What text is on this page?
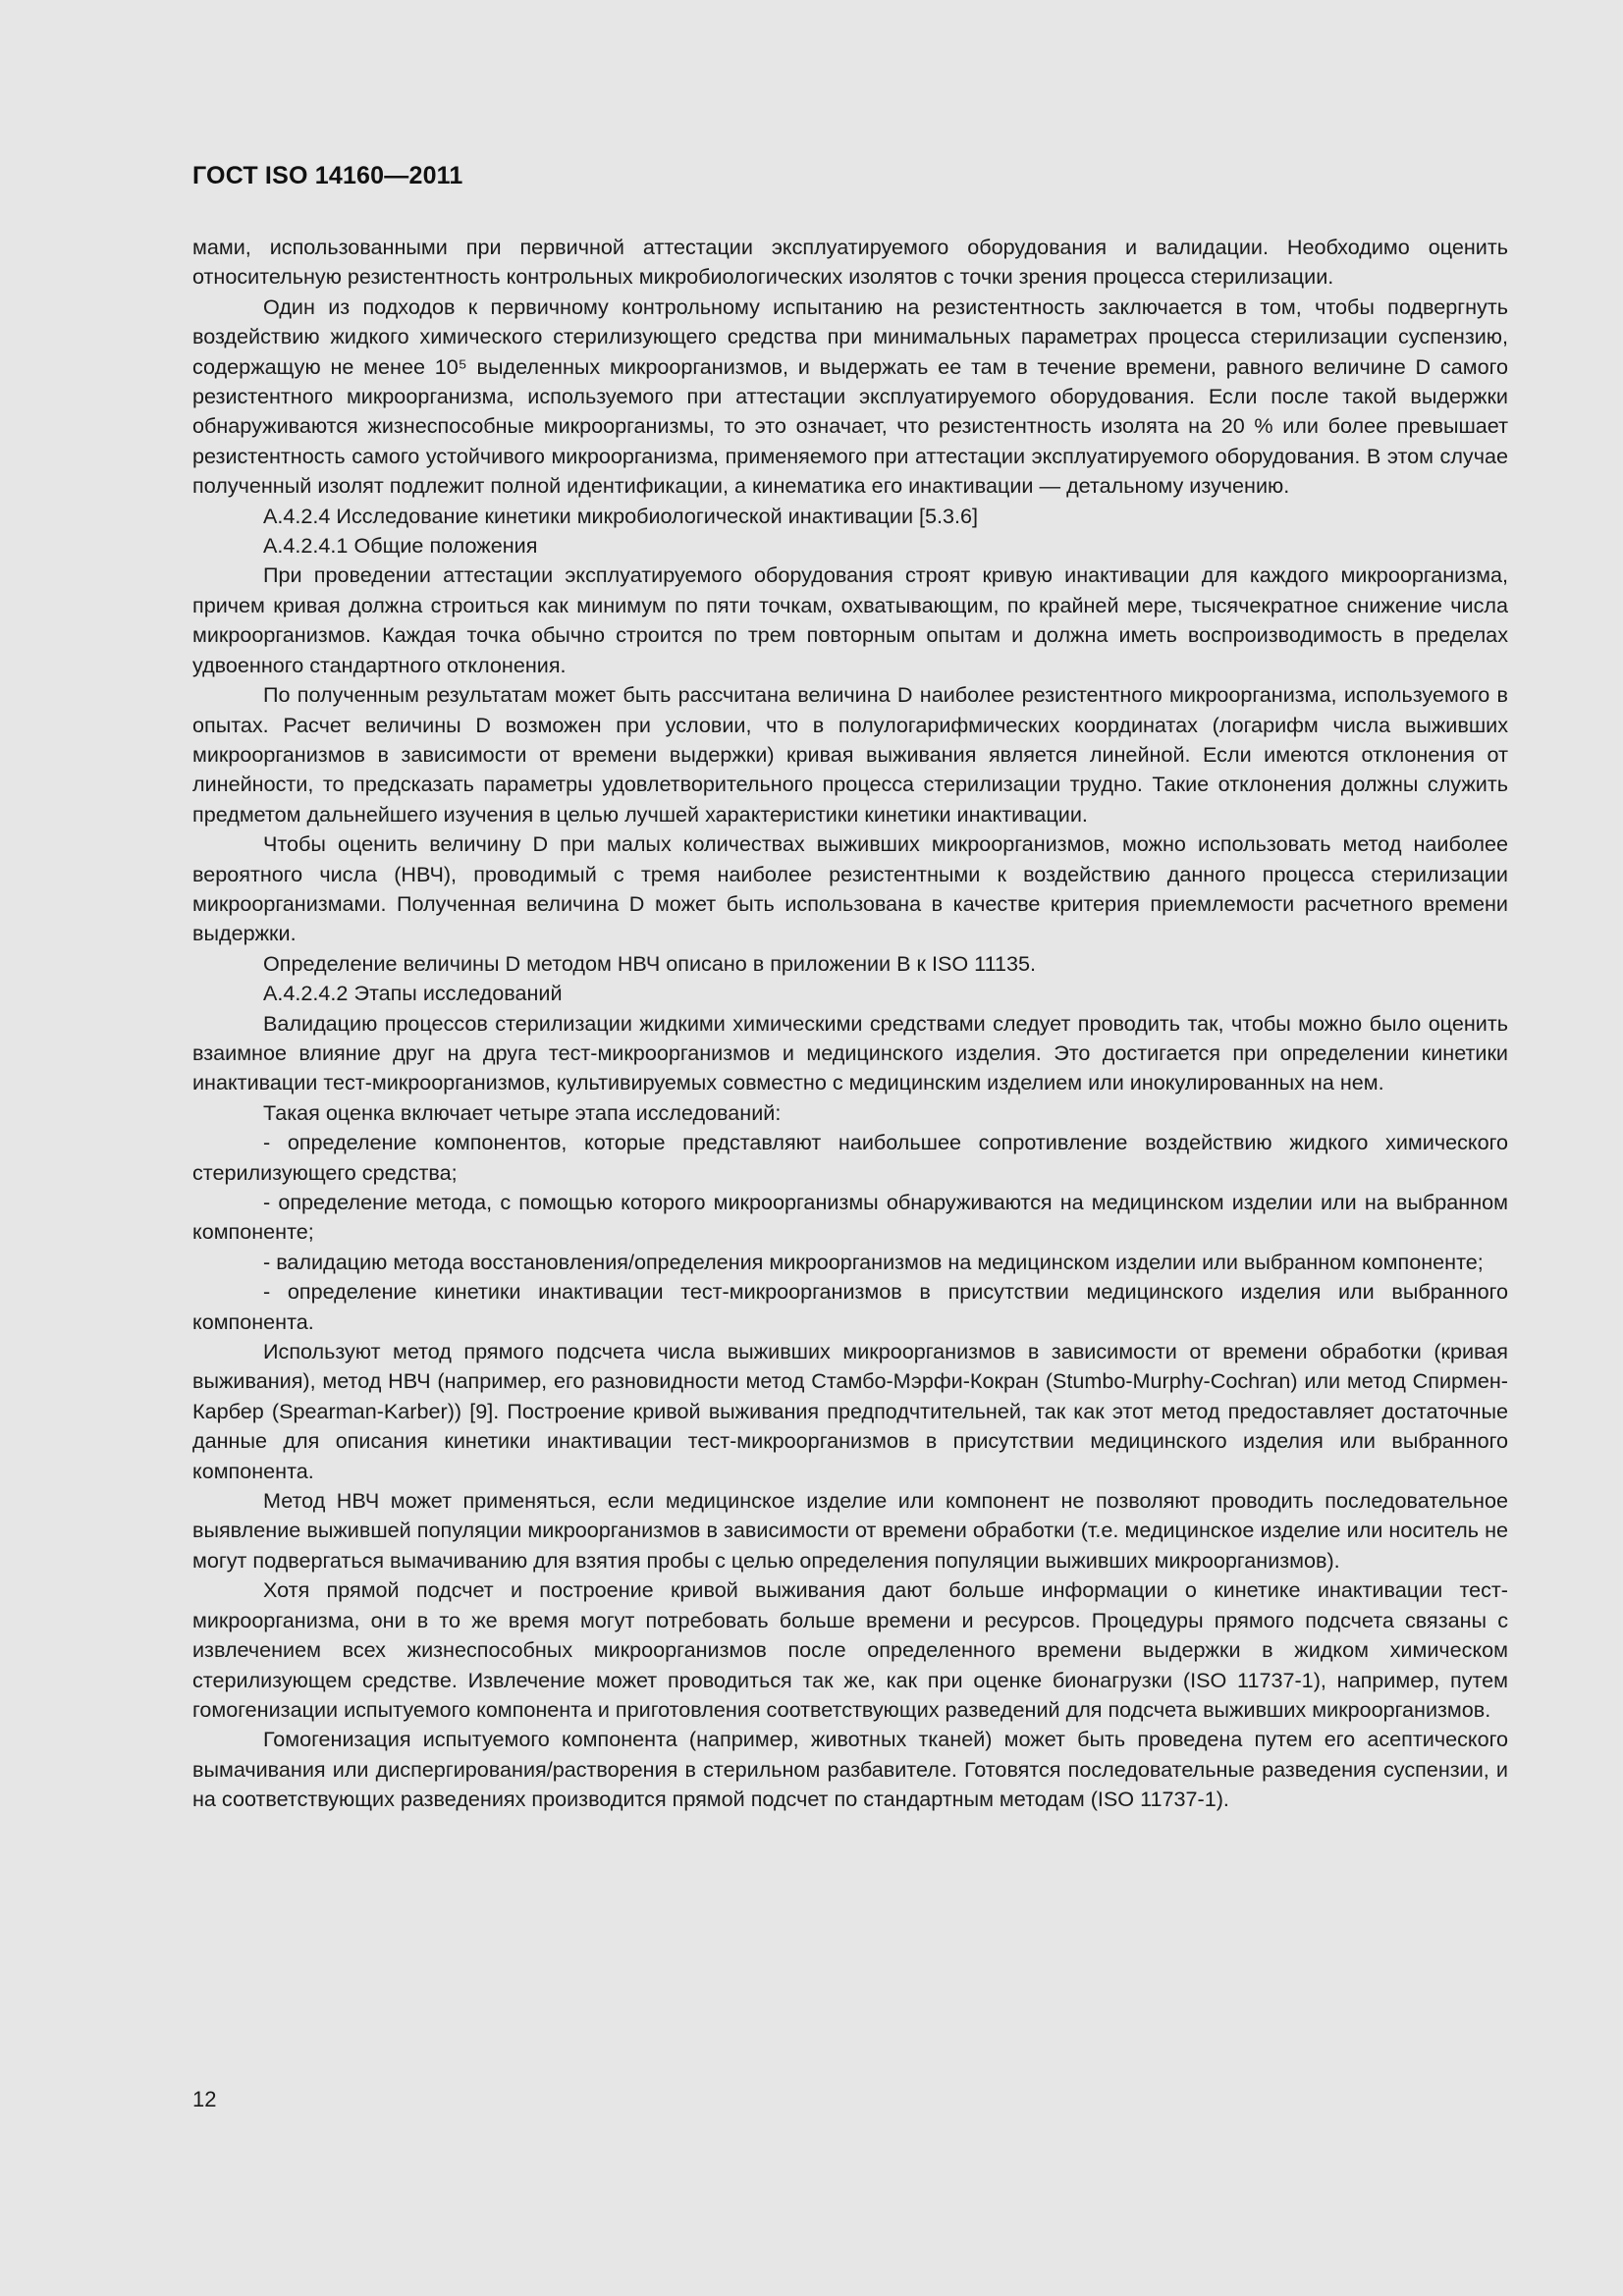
ГОСТ ISO 14160—2011

мами, использованными при первичной аттестации эксплуатируемого оборудования и валидации. Необходимо оценить относительную резистентность контрольных микробиологических изолятов с точки зрения процесса стерилизации.

Один из подходов к первичному контрольному испытанию на резистентность заключается в том, чтобы подвергнуть воздействию жидкого химического стерилизующего средства при минимальных параметрах процесса стерилизации суспензию, содержащую не менее 10⁵ выделенных микроорганизмов, и выдержать ее там в течение времени, равного величине D самого резистентного микроорганизма, используемого при аттестации эксплуатируемого оборудования. Если после такой выдержки обнаруживаются жизнеспособные микроорганизмы, то это означает, что резистентность изолята на 20 % или более превышает резистентность самого устойчивого микроорганизма, применяемого при аттестации эксплуатируемого оборудования. В этом случае полученный изолят подлежит полной идентификации, а кинематика его инактивации — детальному изучению.

А.4.2.4 Исследование кинетики микробиологической инактивации [5.3.6]

А.4.2.4.1 Общие положения

При проведении аттестации эксплуатируемого оборудования строят кривую инактивации для каждого микроорганизма, причем кривая должна строиться как минимум по пяти точкам, охватывающим, по крайней мере, тысячекратное снижение числа микроорганизмов. Каждая точка обычно строится по трем повторным опытам и должна иметь воспроизводимость в пределах удвоенного стандартного отклонения.

По полученным результатам может быть рассчитана величина D наиболее резистентного микроорганизма, используемого в опытах. Расчет величины D возможен при условии, что в полулогарифмических координатах (логарифм числа выживших микроорганизмов в зависимости от времени выдержки) кривая выживания является линейной. Если имеются отклонения от линейности, то предсказать параметры удовлетворительного процесса стерилизации трудно. Такие отклонения должны служить предметом дальнейшего изучения в целью лучшей характеристики кинетики инактивации.

Чтобы оценить величину D при малых количествах выживших микроорганизмов, можно использовать метод наиболее вероятного числа (НВЧ), проводимый с тремя наиболее резистентными к воздействию данного процесса стерилизации микроорганизмами. Полученная величина D может быть использована в качестве критерия приемлемости расчетного времени выдержки.

Определение величины D методом НВЧ описано в приложении В к ISO 11135.

А.4.2.4.2 Этапы исследований

Валидацию процессов стерилизации жидкими химическими средствами следует проводить так, чтобы можно было оценить взаимное влияние друг на друга тест-микроорганизмов и медицинского изделия. Это достигается при определении кинетики инактивации тест-микроорганизмов, культивируемых совместно с медицинским изделием или инокулированных на нем.

Такая оценка включает четыре этапа исследований:

- определение компонентов, которые представляют наибольшее сопротивление воздействию жидкого химического стерилизующего средства;

- определение метода, с помощью которого микроорганизмы обнаруживаются на медицинском изделии или на выбранном компоненте;

- валидацию метода восстановления/определения микроорганизмов на медицинском изделии или выбранном компоненте;

- определение кинетики инактивации тест-микроорганизмов в присутствии медицинского изделия или выбранного компонента.

Используют метод прямого подсчета числа выживших микроорганизмов в зависимости от времени обработки (кривая выживания), метод НВЧ (например, его разновидности метод Стамбо-Мэрфи-Кокран (Stumbo-Murphy-Cochran) или метод Спирмен-Карбер (Spearman-Karber)) [9]. Построение кривой выживания предподчтительней, так как этот метод предоставляет достаточные данные для описания кинетики инактивации тест-микроорганизмов в присутствии медицинского изделия или выбранного компонента.

Метод НВЧ может применяться, если медицинское изделие или компонент не позволяют проводить последовательное выявление выжившей популяции микроорганизмов в зависимости от времени обработки (т.е. медицинское изделие или носитель не могут подвергаться вымачиванию для взятия пробы с целью определения популяции выживших микроорганизмов).

Хотя прямой подсчет и построение кривой выживания дают больше информации о кинетике инактивации тест-микроорганизма, они в то же время могут потребовать больше времени и ресурсов. Процедуры прямого подсчета связаны с извлечением всех жизнеспособных микроорганизмов после определенного времени выдержки в жидком химическом стерилизующем средстве. Извлечение может проводиться так же, как при оценке бионагрузки (ISO 11737-1), например, путем гомогенизации испытуемого компонента и приготовления соответствующих разведений для подсчета выживших микроорганизмов.

Гомогенизация испытуемого компонента (например, животных тканей) может быть проведена путем его асептического вымачивания или диспергирования/растворения в стерильном разбавителе. Готовятся последовательные разведения суспензии, и на соответствующих разведениях производится прямой подсчет по стандартным методам (ISO 11737-1).

12
